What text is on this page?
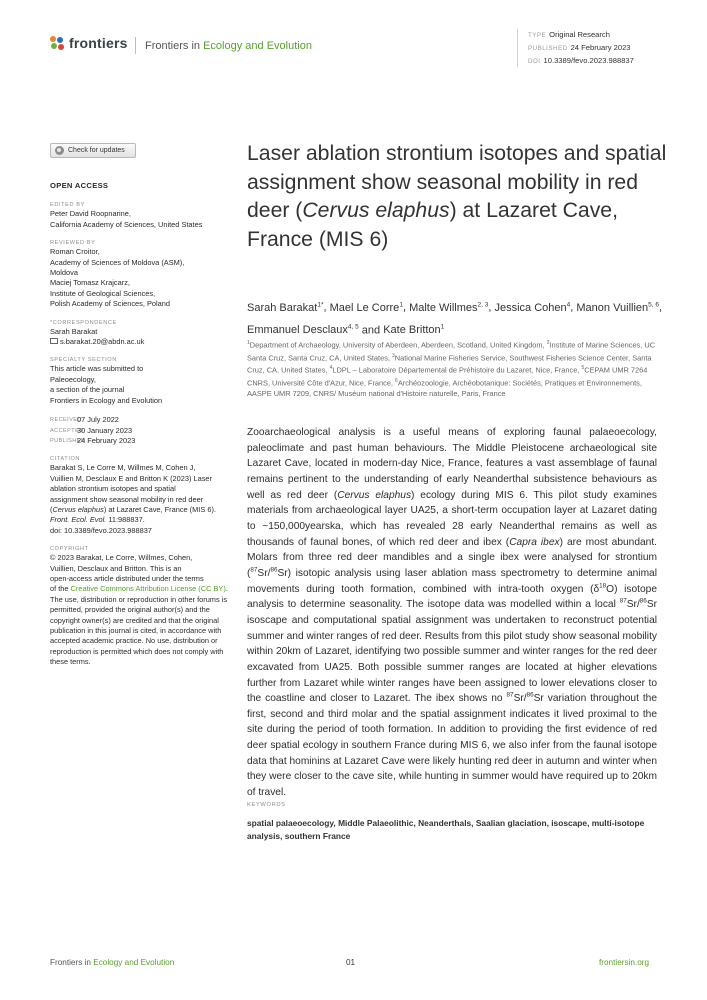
frontiers Frontiers in Ecology and Evolution
TYPE Original Research
PUBLISHED 24 February 2023
DOI 10.3389/fevo.2023.988837
Check for updates
OPEN ACCESS
EDITED BY
Peter David Roopnarine,
California Academy of Sciences, United States
REVIEWED BY
Roman Croitor,
Academy of Sciences of Moldova (ASM),
Moldova
Maciej Tomasz Krajcarz,
Institute of Geological Sciences,
Polish Academy of Sciences, Poland
*CORRESPONDENCE
Sarah Barakat
s.barakat.20@abdn.ac.uk
SPECIALTY SECTION
This article was submitted to
Paleoecology,
a section of the journal
Frontiers in Ecology and Evolution
RECEIVED
07 July 2022
ACCEPTED
30 January 2023
PUBLISHED
24 February 2023
CITATION
Barakat S, Le Corre M, Willmes M, Cohen J,
Vuillien M, Desclaux E and Britton K (2023) Laser
ablation strontium isotopes and spatial
assignment show seasonal mobility in red deer
(Cervus elaphus) at Lazaret Cave, France (MIS 6).
Front. Ecol. Evol. 11:988837.
doi: 10.3389/fevo.2023.988837
COPYRIGHT
© 2023 Barakat, Le Corre, Willmes, Cohen,
Vuillien, Desclaux and Britton. This is an
open-access article distributed under the terms
of the Creative Commons Attribution License (CC BY). The use, distribution or reproduction in other forums is permitted, provided the original author(s) and the copyright owner(s) are credited and that the original publication in this journal is cited, in accordance with accepted academic practice. No use, distribution or reproduction is permitted which does not comply with these terms.
Laser ablation strontium isotopes and spatial assignment show seasonal mobility in red deer (Cervus elaphus) at Lazaret Cave, France (MIS 6)
Sarah Barakat$^{1*}$, Mael Le Corre$^1$, Malte Willmes$^{2, 3}$, Jessica Cohen$^4$, Manon Vuillien$^{5, 6}$, Emmanuel Desclaux$^{4, 5}$ and Kate Britton$^1$
$^1$Department of Archaeology, University of Aberdeen, Aberdeen, Scotland, United Kingdom, $^2$Institute of Marine Sciences, UC Santa Cruz, Santa Cruz, CA, United States, $^3$National Marine Fisheries Service, Southwest Fisheries Science Center, Santa Cruz, CA, United States, $^4$LDPL – Laboratoire Départemental de Préhistoire du Lazaret, Nice, France, $^5$CEPAM UMR 7264 CNRS, Université Côte d'Azur, Nice, France, $^6$Archéozoologie, Archéobotanique: Sociétés, Pratiques et Environnements, AASPE UMR 7209, CNRS/ Muséum national d'Histoire naturelle, Paris, France
Zooarchaeological analysis is a useful means of exploring faunal palaeoecology, paleoclimate and past human behaviours. The Middle Pleistocene archaeological site Lazaret Cave, located in modern-day Nice, France, features a vast assemblage of faunal remains pertinent to the understanding of early Neanderthal subsistence behaviours as well as red deer (Cervus elaphus) ecology during MIS 6. This pilot study examines materials from archaeological layer UA25, a short-term occupation layer at Lazaret dating to ~150,000yearska, which has revealed 28 early Neanderthal remains as well as thousands of faunal bones, of which red deer and ibex (Capra ibex) are most abundant. Molars from three red deer mandibles and a single ibex were analysed for strontium ($^{87}$Sr/$^{86}$Sr) isotopic analysis using laser ablation mass spectrometry to determine animal movements during tooth formation, combined with intra-tooth oxygen $(\delta^{18}O)$ isotope analysis to determine seasonality. The isotope data was modelled within a local $^{87}$Sr/$^{86}$Sr isoscape and computational spatial assignment was undertaken to reconstruct potential summer and winter ranges of red deer. Results from this pilot study show seasonal mobility within 20km of Lazaret, identifying two possible summer and winter ranges for the red deer excavated from UA25. Both possible summer ranges are located at higher elevations further from Lazaret while winter ranges have been assigned to lower elevations closer to the coastline and closer to Lazaret. The ibex shows no $^{87}$Sr/$^{86}$Sr variation throughout the first, second and third molar and the spatial assignment indicates it lived proximal to the site during the period of tooth formation. In addition to providing the first evidence of red deer spatial ecology in southern France during MIS 6, we also infer from the faunal isotope data that hominins at Lazaret Cave were likely hunting red deer in autumn and winter when they were closer to the cave site, while hunting in summer would have required up to 20km of travel.
KEYWORDS
spatial palaeoecology, Middle Palaeolithic, Neanderthals, Saalian glaciation, isoscape, multi-isotope analysis, southern France
Frontiers in Ecology and Evolution	01	frontiersin.org
